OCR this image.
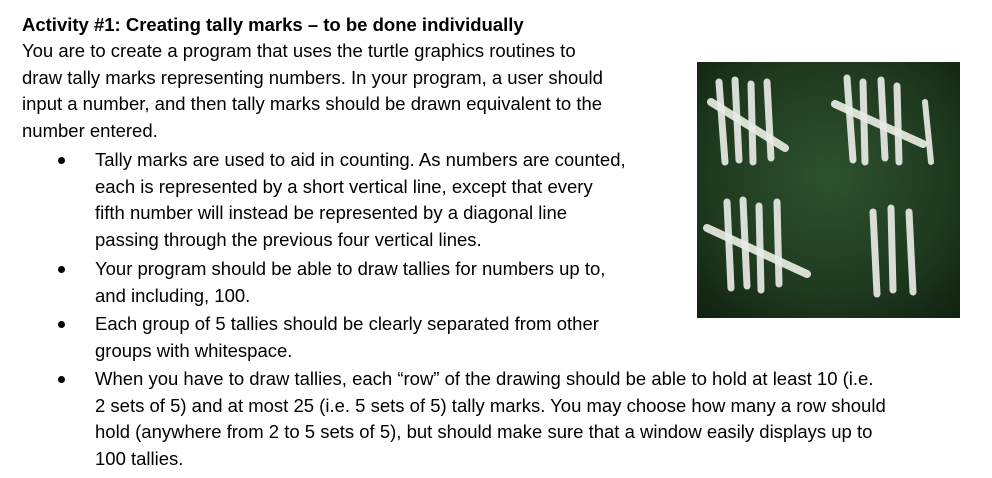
Activity #1: Creating tally marks – to be done individually
You are to create a program that uses the turtle graphics routines to
draw tally marks representing numbers. In your program, a user should
input a number, and then tally marks should be drawn equivalent to the
number entered.
Tally marks are used to aid in counting. As numbers are counted,
each is represented by a short vertical line, except that every
fifth number will instead be represented by a diagonal line
passing through the previous four vertical lines.
Your program should be able to draw tallies for numbers up to,
and including, 100.
Each group of 5 tallies should be clearly separated from other
groups with whitespace.
When you have to draw tallies, each “row” of the drawing should be able to hold at least 10 (i.e.
2 sets of 5) and at most 25 (i.e. 5 sets of 5) tally marks. You may choose how many a row should
hold (anywhere from 2 to 5 sets of 5), but should make sure that a window easily displays up to
100 tallies.
